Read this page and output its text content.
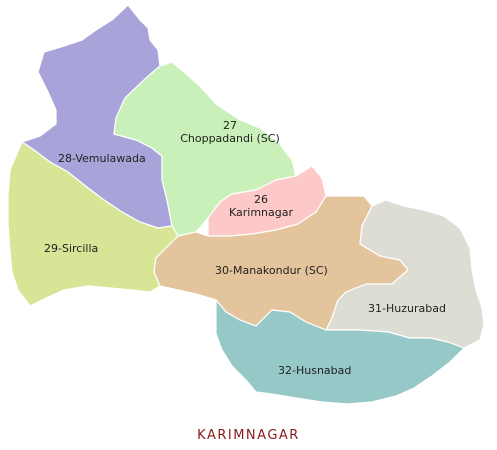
28-Vemulawada
27
Choppadandi (SC)
29-Sircilla
26
Karimnagar
30-Manakondur (SC)
31-Huzurabad
32-Husnabad
KARIMNAGAR
